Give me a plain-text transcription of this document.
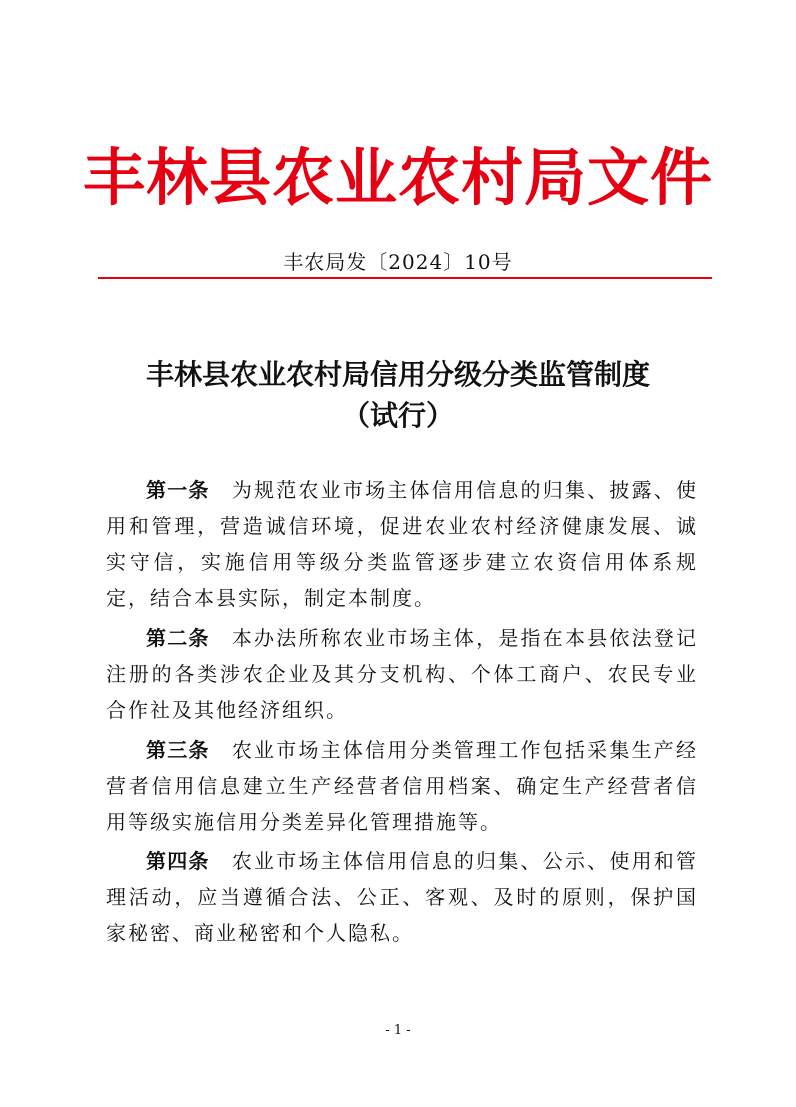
丰林县农业农村局文件
丰农局发〔2024〕10号
丰林县农业农村局信用分级分类监管制度
（试行）

第一条  为规范农业市场主体信用信息的归集、披露、使用和管理，营造诚信环境，促进农业农村经济健康发展、诚实守信，实施信用等级分类监管逐步建立农资信用体系规定，结合本县实际，制定本制度。

第二条  本办法所称农业市场主体，是指在本县依法登记注册的各类涉农企业及其分支机构、个体工商户、农民专业合作社及其他经济组织。

第三条  农业市场主体信用分类管理工作包括采集生产经营者信用信息建立生产经营者信用档案、确定生产经营者信用等级实施信用分类差异化管理措施等。

第四条  农业市场主体信用信息的归集、公示、使用和管理活动，应当遵循合法、公正、客观、及时的原则，保护国家秘密、商业秘密和个人隐私。

- 1 -
